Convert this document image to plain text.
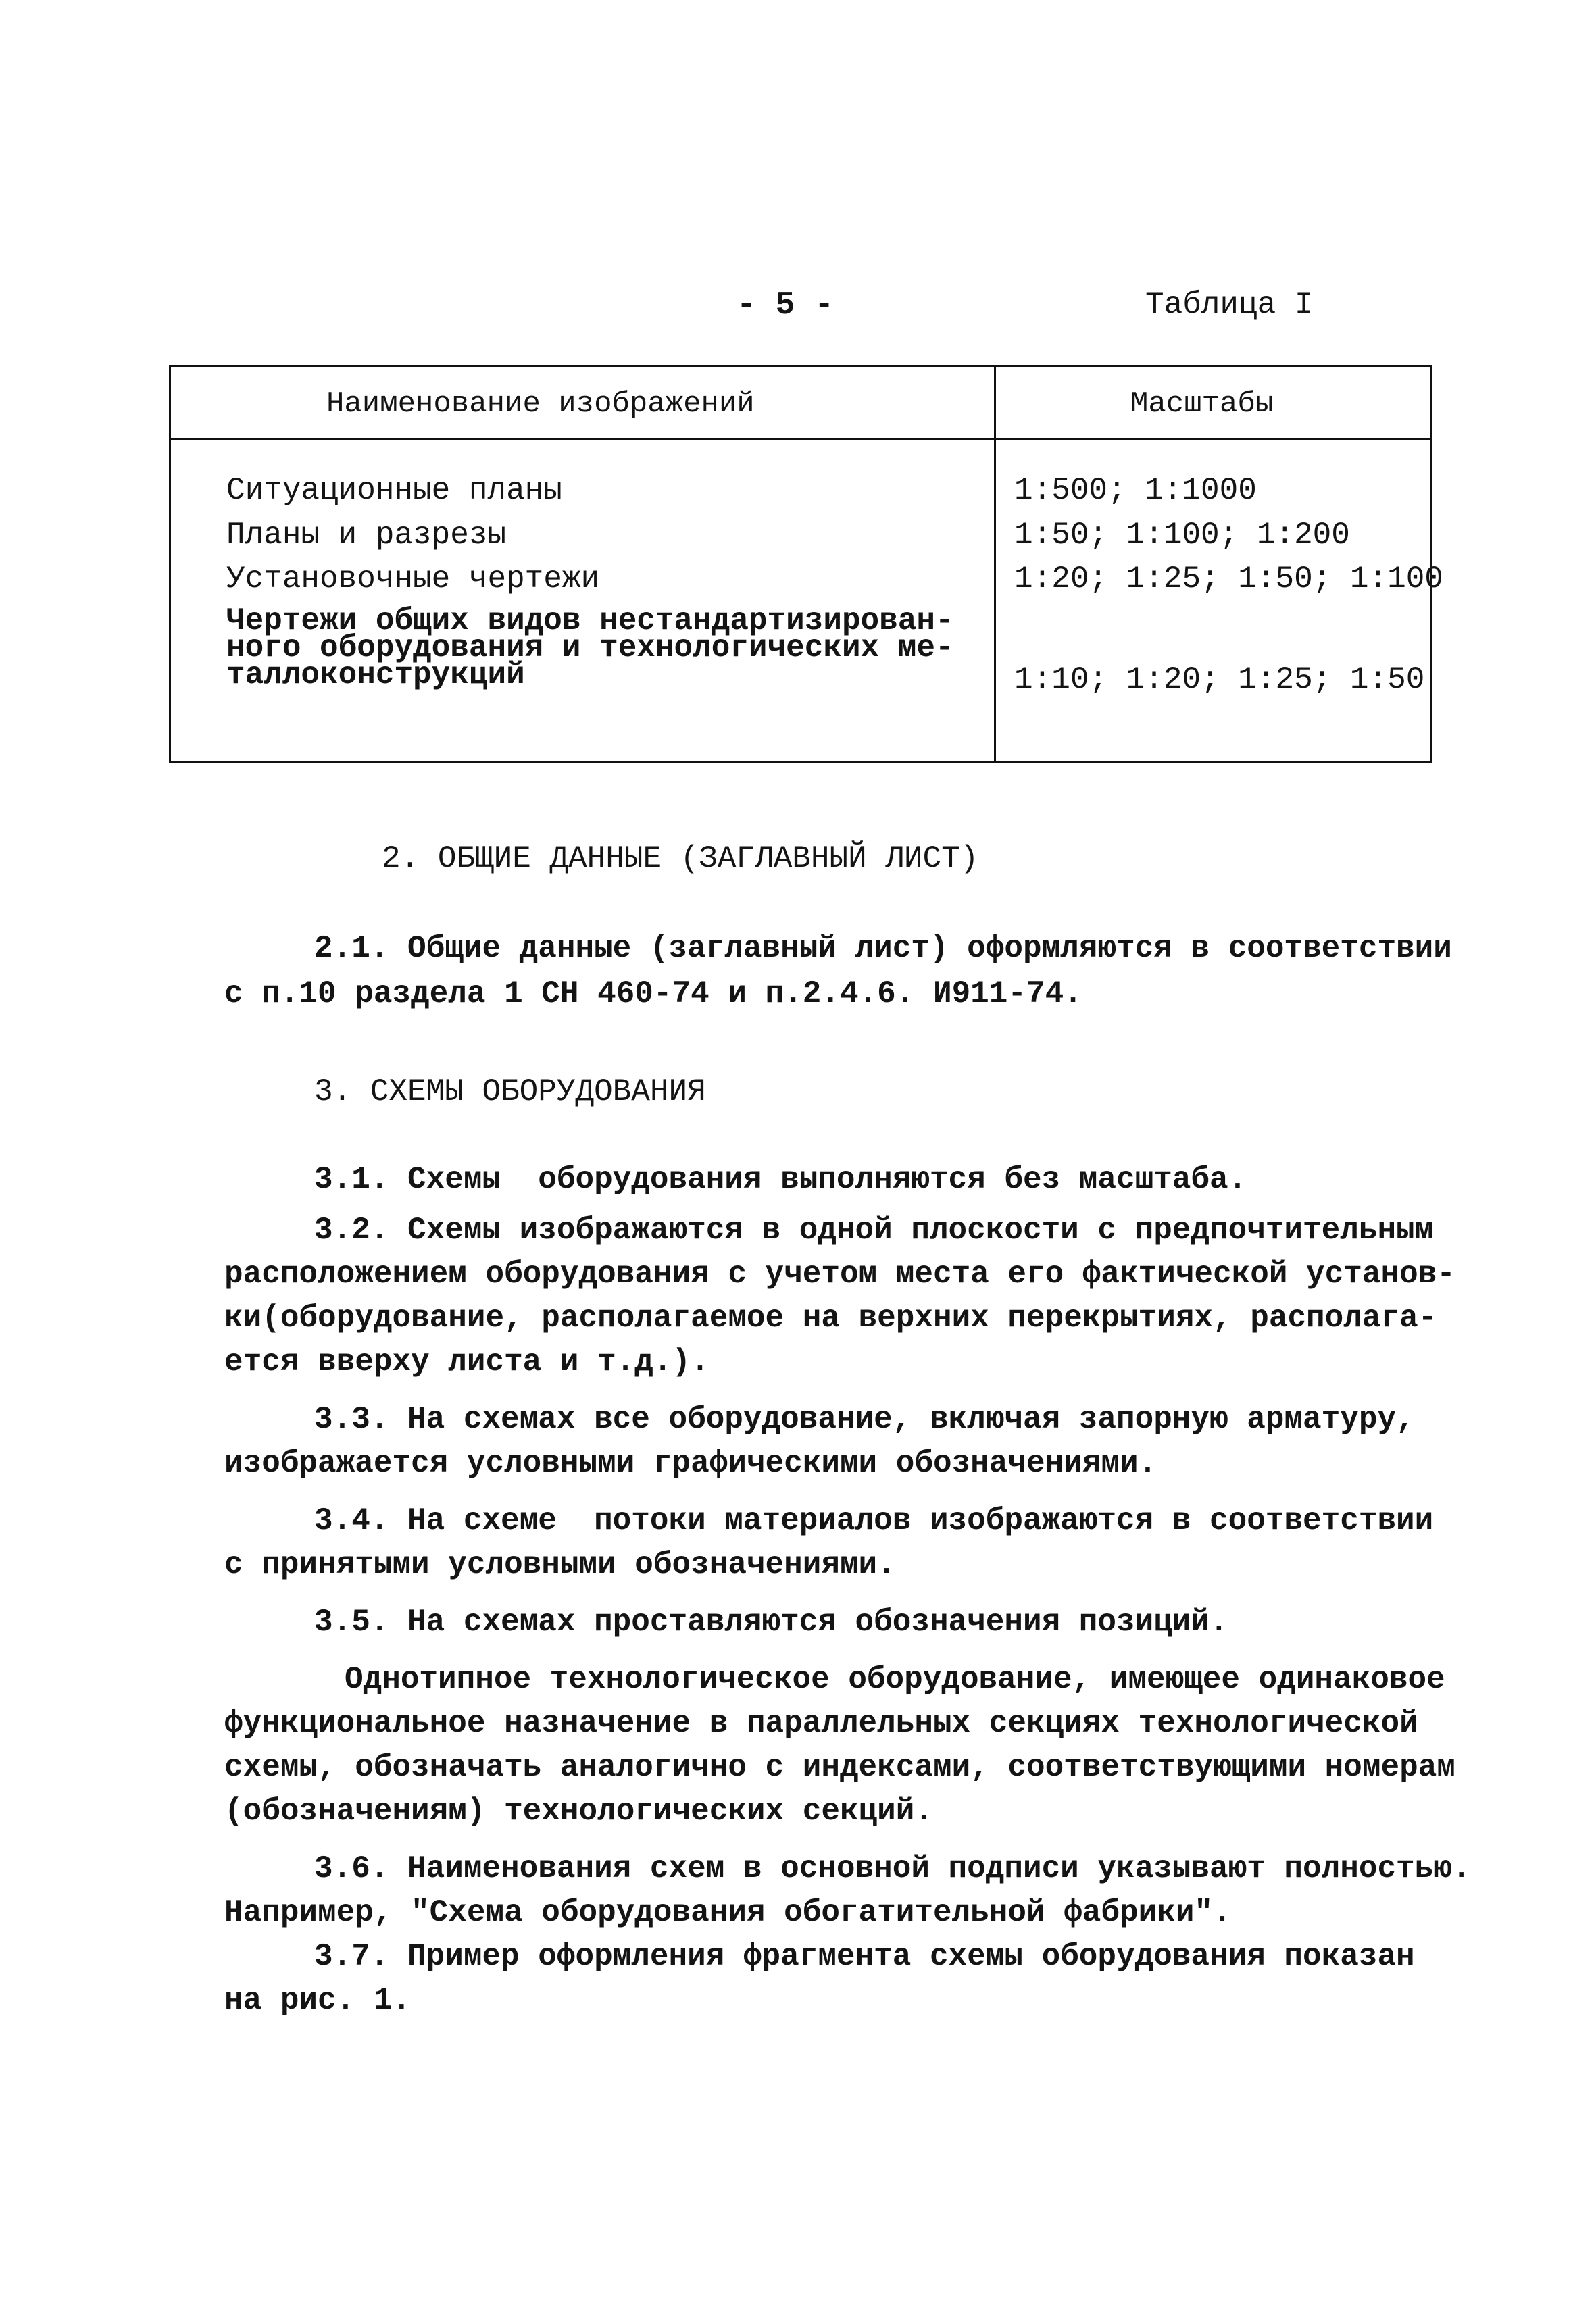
- 5 -	Таблица I
Наименование изображений	Масштабы
Ситуационные планы	1:500; 1:1000
Планы и разрезы	1:50; 1:100; 1:200
Установочные чертежи	1:20; 1:25; 1:50; 1:100
Чертежи общих видов нестандартизирован-
ного оборудования и технологических ме-
таллоконструкций	1:10; 1:20; 1:25; 1:50
2. ОБЩИЕ ДАННЫЕ (ЗАГЛАВНЫЙ ЛИСТ)
2.1. Общие данные (заглавный лист) оформляются в соответствии
с п.10 раздела 1 СН 460-74 и п.2.4.6. И911-74.
3. СХЕМЫ ОБОРУДОВАНИЯ
3.1. Схемы  оборудования выполняются без масштаба.
3.2. Схемы изображаются в одной плоскости с предпочтительным
расположением оборудования с учетом места его фактической установ-
ки(оборудование, располагаемое на верхних перекрытиях, располага-
ется вверху листа и т.д.).
3.3. На схемах все оборудование, включая запорную арматуру,
изображается условными графическими обозначениями.
3.4. На схеме  потоки материалов изображаются в соответствии
с принятыми условными обозначениями.
3.5. На схемах проставляются обозначения позиций.
Однотипное технологическое оборудование, имеющее одинаковое
функциональное назначение в параллельных секциях технологической
схемы, обозначать аналогично с индексами, соответствующими номерам
(обозначениям) технологических секций.
3.6. Наименования схем в основной подписи указывают полностью.
Например, "Схема оборудования обогатительной фабрики".
3.7. Пример оформления фрагмента схемы оборудования показан
на рис. 1.
